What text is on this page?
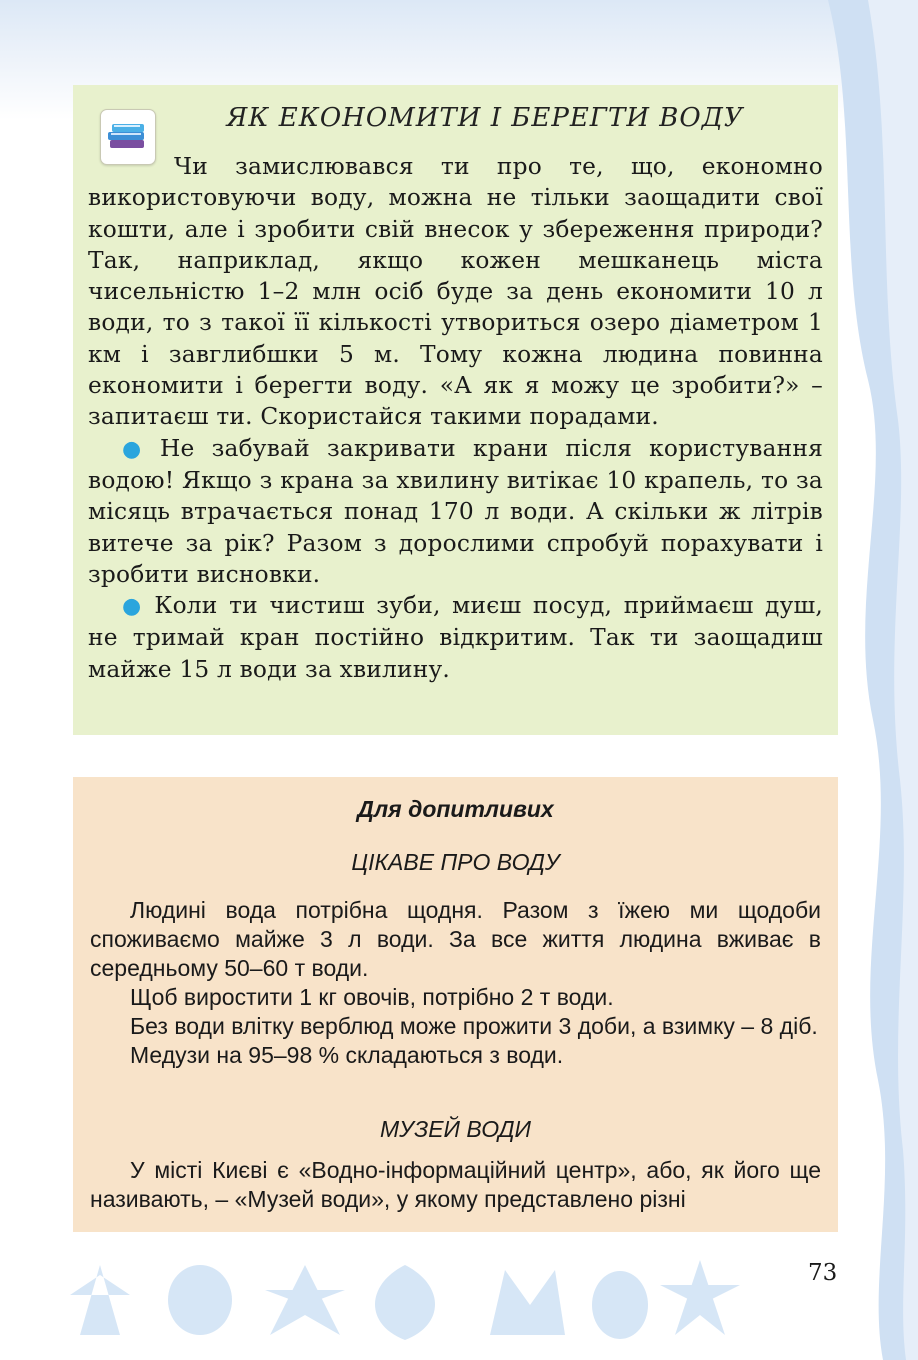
ЯК ЕКОНОМИТИ І БЕРЕГТИ ВОДУ

Чи замислювався ти про те, що, економно використовуючи воду, можна не тільки заощадити свої кошти, але і зробити свій внесок у збереження природи? Так, наприклад, якщо кожен мешканець міста чисельністю 1–2 млн осіб буде за день економити 10 л води, то з такої її кількості утвориться озеро діаметром 1 км і завглибшки 5 м. Тому кожна людина повинна економити і берегти воду. «А як я можу це зробити?» – запитаєш ти. Скористайся такими порадами.

● Не забувай закривати крани після користування водою! Якщо з крана за хвилину витікає 10 крапель, то за місяць втрачається понад 170 л води. А скільки ж літрів витече за рік? Разом з дорослими спробуй порахувати і зробити висновки.

● Коли ти чистиш зуби, миєш посуд, приймаєш душ, не тримай кран постійно відкритим. Так ти заощадиш майже 15 л води за хвилину.

Для допитливих
ЦІКАВЕ ПРО ВОДУ

Людині вода потрібна щодня. Разом з їжею ми щодоби споживаємо майже 3 л води. За все життя людина вживає в середньому 50–60 т води.

Щоб виростити 1 кг овочів, потрібно 2 т води.

Без води влітку верблюд може прожити 3 доби, а взимку – 8 діб.

Медузи на 95–98 % складаються з води.

МУЗЕЙ ВОДИ

У місті Києві є «Водно-інформаційний центр», або, як його ще називають, – «Музей води», у якому представлено різні

73
